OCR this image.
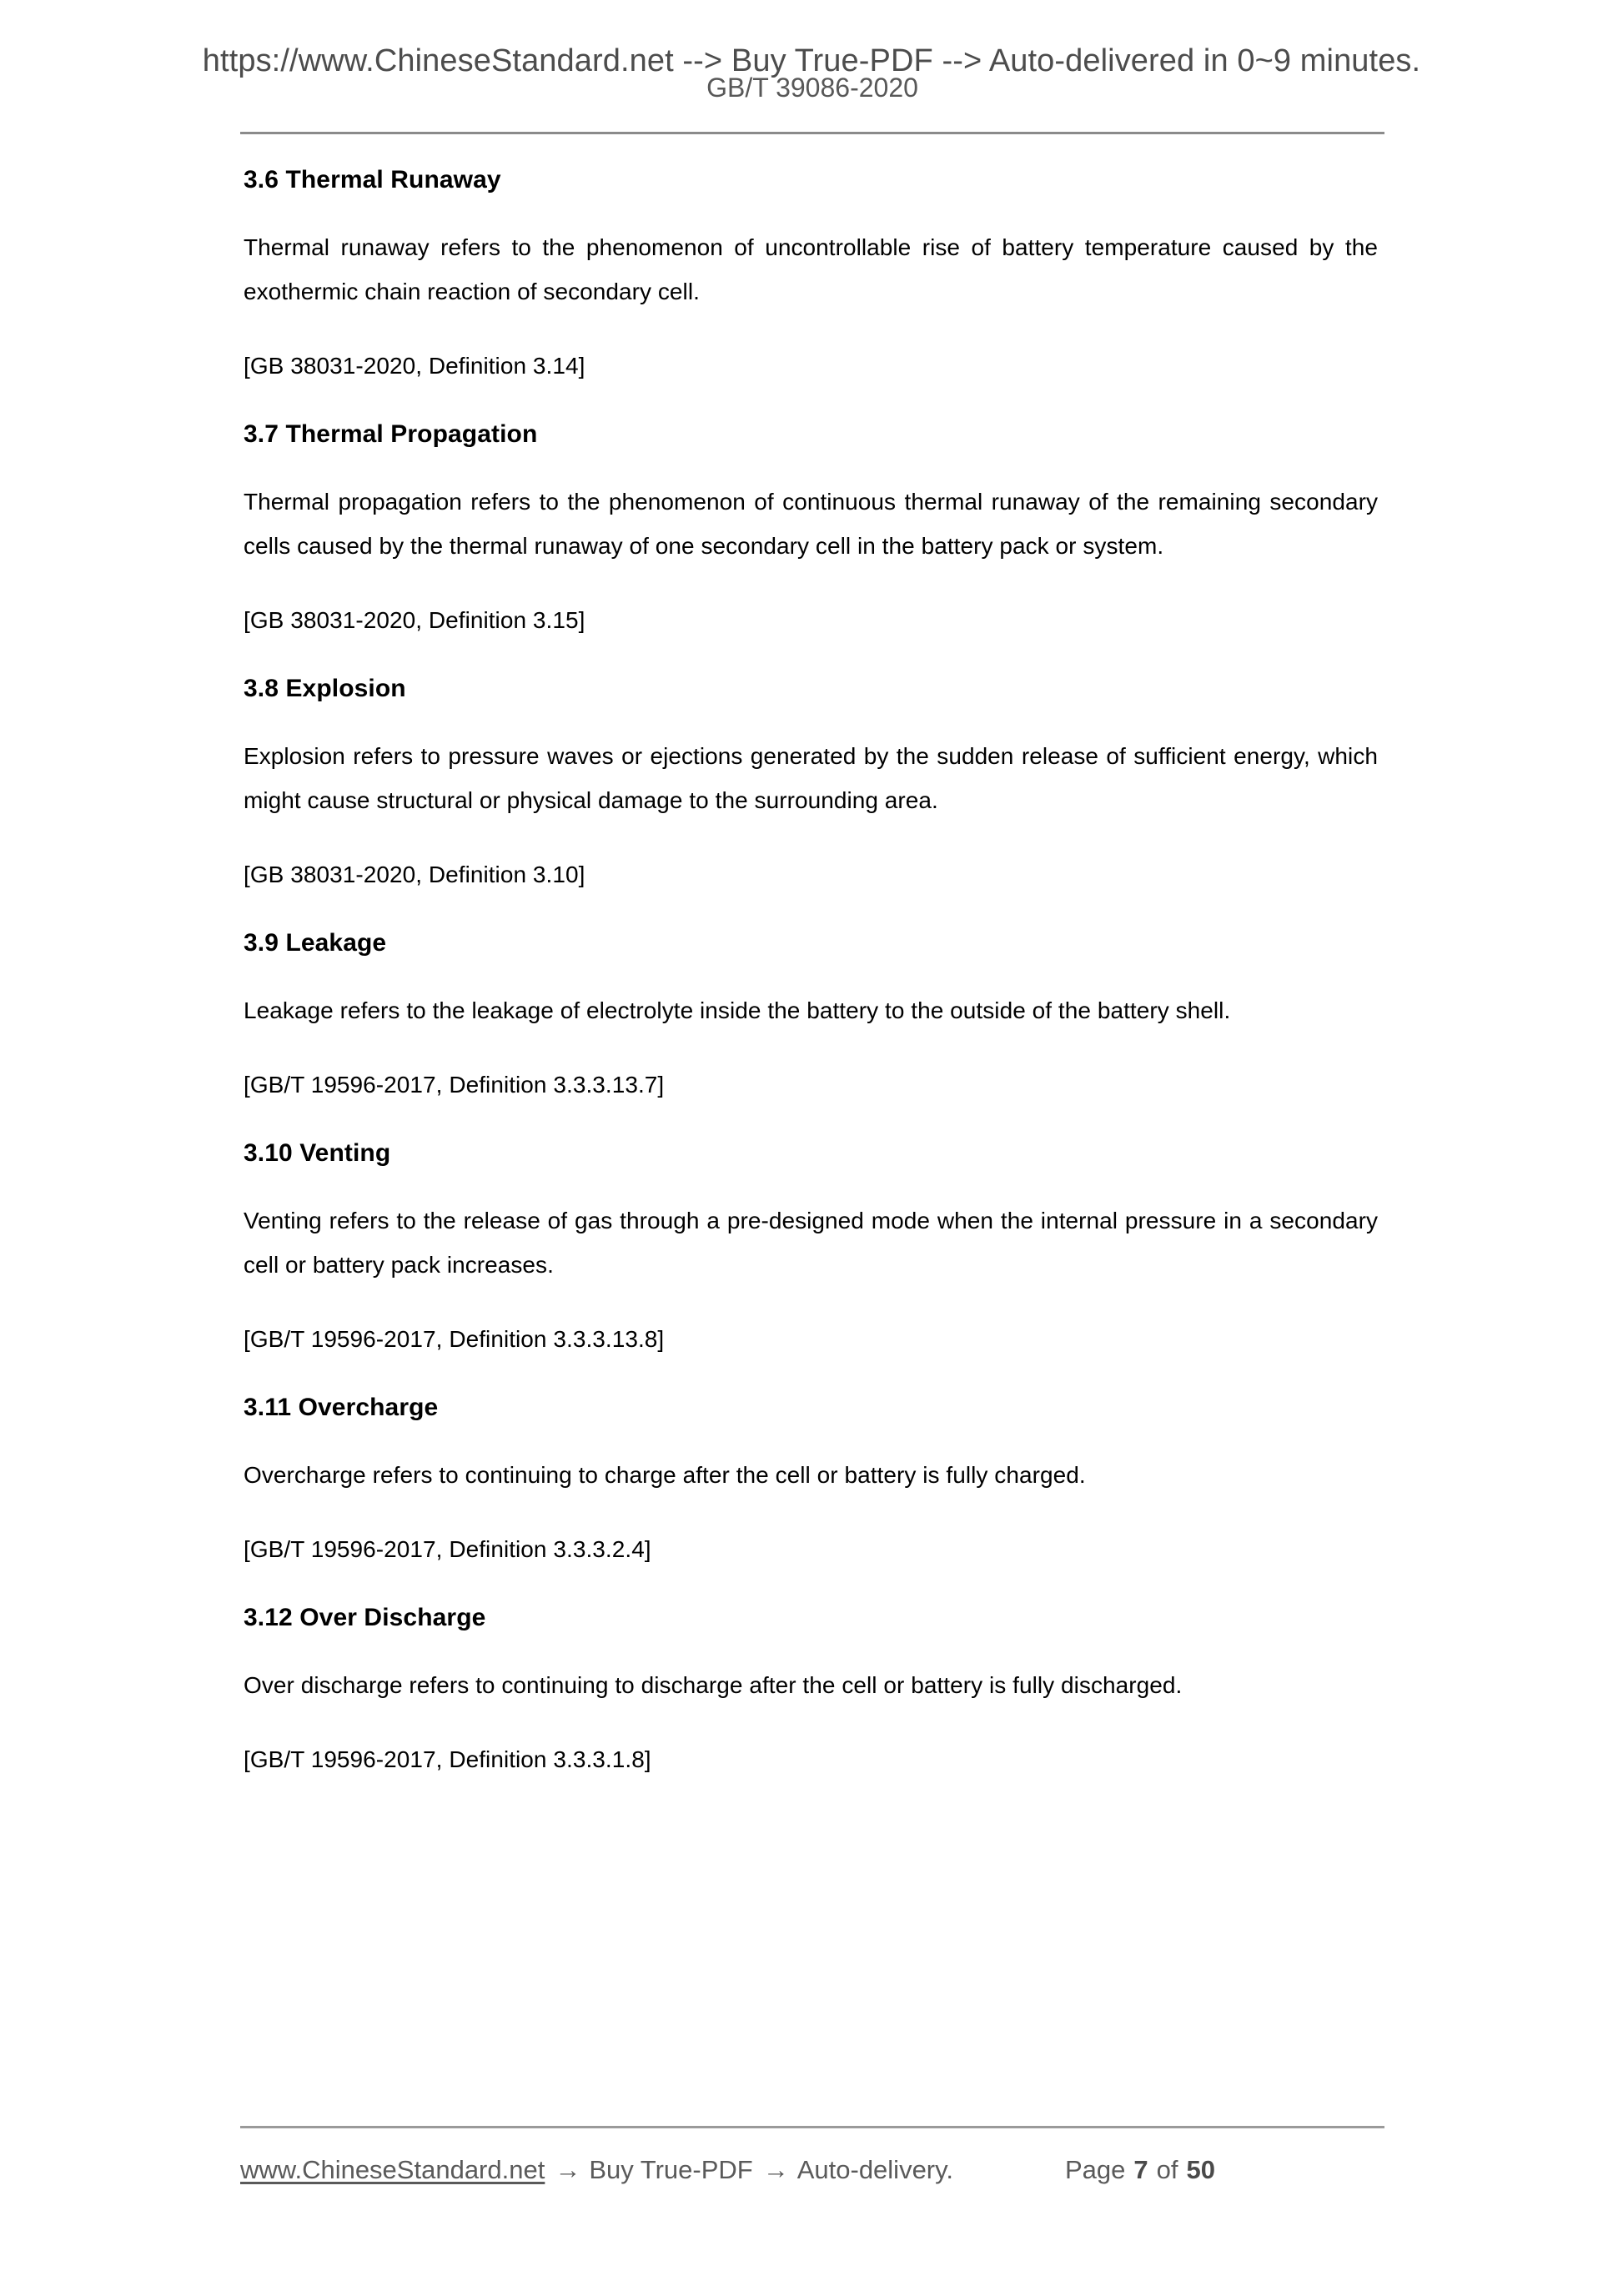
https://www.ChineseStandard.net --> Buy True-PDF --> Auto-delivered in 0~9 minutes.
GB/T 39086-2020
3.6 Thermal Runaway

Thermal runaway refers to the phenomenon of uncontrollable rise of battery temperature caused by the exothermic chain reaction of secondary cell.

[GB 38031-2020, Definition 3.14]

3.7 Thermal Propagation

Thermal propagation refers to the phenomenon of continuous thermal runaway of the remaining secondary cells caused by the thermal runaway of one secondary cell in the battery pack or system.

[GB 38031-2020, Definition 3.15]

3.8 Explosion

Explosion refers to pressure waves or ejections generated by the sudden release of sufficient energy, which might cause structural or physical damage to the surrounding area.

[GB 38031-2020, Definition 3.10]

3.9 Leakage

Leakage refers to the leakage of electrolyte inside the battery to the outside of the battery shell.

[GB/T 19596-2017, Definition 3.3.3.13.7]

3.10 Venting

Venting refers to the release of gas through a pre-designed mode when the internal pressure in a secondary cell or battery pack increases.

[GB/T 19596-2017, Definition 3.3.3.13.8]

3.11 Overcharge

Overcharge refers to continuing to charge after the cell or battery is fully charged.

[GB/T 19596-2017, Definition 3.3.3.2.4]

3.12 Over Discharge

Over discharge refers to continuing to discharge after the cell or battery is fully discharged.

[GB/T 19596-2017, Definition 3.3.3.1.8]

www.ChineseStandard.net → Buy True-PDF → Auto-delivery.	Page 7 of 50
